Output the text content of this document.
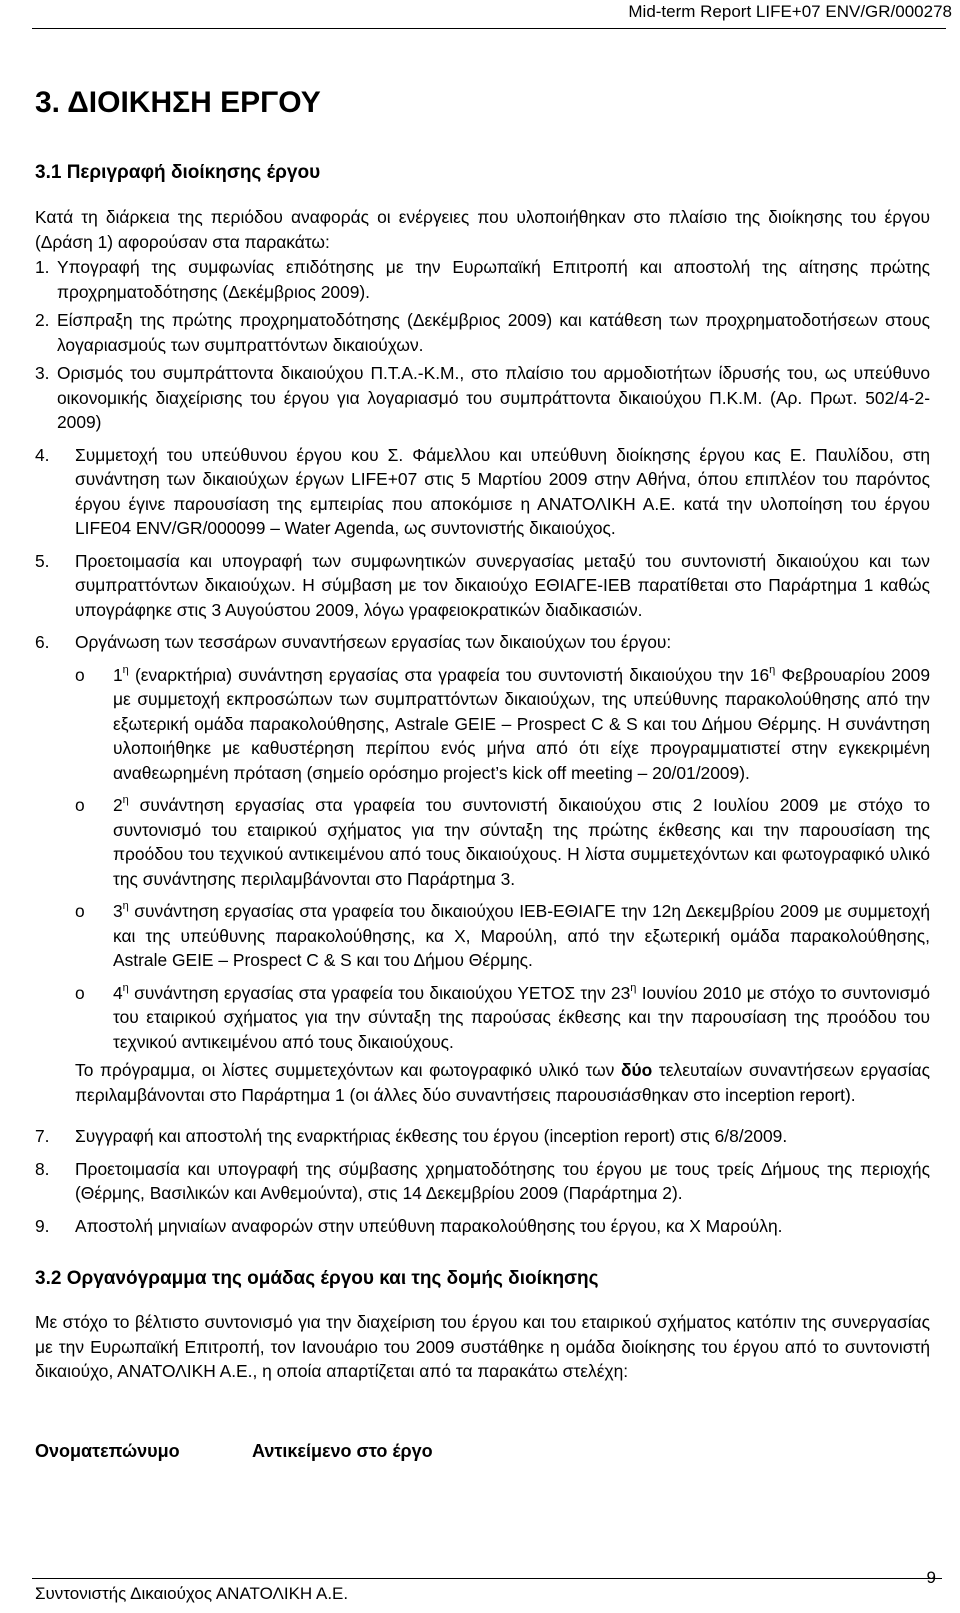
Mid-term Report LIFE+07 ENV/GR/000278
3. ΔΙΟΙΚΗΣΗ ΕΡΓΟΥ
3.1 Περιγραφή διοίκησης έργου

Κατά τη διάρκεια της περιόδου αναφοράς οι ενέργειες που υλοποιήθηκαν στο πλαίσιο της διοίκησης του έργου (Δράση 1) αφορούσαν στα παρακάτω:

1. Υπογραφή της συμφωνίας επιδότησης με την Ευρωπαϊκή Επιτροπή και αποστολή της αίτησης πρώτης προχρηματοδότησης (Δεκέμβριος 2009).
2. Είσπραξη της πρώτης προχρηματοδότησης (Δεκέμβριος 2009) και κατάθεση των προχρηματοδοτήσεων στους λογαριασμούς των συμπραττόντων δικαιούχων.
3. Ορισμός του συμπράττοντα δικαιούχου Π.Τ.Α.-Κ.Μ., στο πλαίσιο του αρμοδιοτήτων ίδρυσής του, ως υπεύθυνο οικονομικής διαχείρισης του έργου για λογαριασμό του συμπράττοντα δικαιούχου Π.Κ.Μ. (Αρ. Πρωτ. 502/4-2-2009)
4. Συμμετοχή του υπεύθυνου έργου κου Σ. Φάμελλου και υπεύθυνη διοίκησης έργου κας Ε. Παυλίδου, στη συνάντηση των δικαιούχων έργων LIFE+07 στις 5 Μαρτίου 2009 στην Αθήνα, όπου επιπλέον του παρόντος έργου έγινε παρουσίαση της εμπειρίας που αποκόμισε η ΑΝΑΤΟΛΙΚΗ Α.Ε. κατά την υλοποίηση του έργου LIFE04 ENV/GR/000099 – Water Agenda, ως συντονιστής δικαιούχος.
5. Προετοιμασία και υπογραφή των συμφωνητικών συνεργασίας μεταξύ του συντονιστή δικαιούχου και των συμπραττόντων δικαιούχων. Η σύμβαση με τον δικαιούχο ΕΘΙΑΓΕ-ΙΕΒ παρατίθεται στο Παράρτημα 1 καθώς υπογράφηκε στις 3 Αυγούστου 2009, λόγω γραφειοκρατικών διαδικασιών.
6. Οργάνωση των τεσσάρων συναντήσεων εργασίας των δικαιούχων του έργου:
o $1^\eta$ (εναρκτήρια) συνάντηση εργασίας στα γραφεία του συντονιστή δικαιούχου την $16^\eta$ Φεβρουαρίου 2009 με συμμετοχή εκπροσώπων των συμπραττόντων δικαιούχων, της υπεύθυνης παρακολούθησης από την εξωτερική ομάδα παρακολούθησης, Astrale GEIE – Prospect C & S και του Δήμου Θέρμης. Η συνάντηση υλοποιήθηκε με καθυστέρηση περίπου ενός μήνα από ότι είχε προγραμματιστεί στην εγκεκριμένη αναθεωρημένη πρόταση (σημείο ορόσημο project’s kick off meeting – 20/01/2009).
o $2^\eta$ συνάντηση εργασίας στα γραφεία του συντονιστή δικαιούχου στις 2 Ιουλίου 2009 με στόχο το συντονισμό του εταιρικού σχήματος για την σύνταξη της πρώτης έκθεσης και την παρουσίαση της προόδου του τεχνικού αντικειμένου από τους δικαιούχους. Η λίστα συμμετεχόντων και φωτογραφικό υλικό της συνάντησης περιλαμβάνονται στο Παράρτημα 3.
o $3^\eta$ συνάντηση εργασίας στα γραφεία του δικαιούχου ΙΕΒ-ΕΘΙΑΓΕ την 12η Δεκεμβρίου 2009 με συμμετοχή και της υπεύθυνης παρακολούθησης, κα Χ, Μαρούλη, από την εξωτερική ομάδα παρακολούθησης, Astrale GEIE – Prospect C & S και του Δήμου Θέρμης.
o $4^\eta$ συνάντηση εργασίας στα γραφεία του δικαιούχου ΥΕΤΟΣ την $23^\eta$ Ιουνίου 2010 με στόχο το συντονισμό του εταιρικού σχήματος για την σύνταξη της παρούσας έκθεσης και την παρουσίαση της προόδου του τεχνικού αντικειμένου από τους δικαιούχους.

Το πρόγραμμα, οι λίστες συμμετεχόντων και φωτογραφικό υλικό των δύο τελευταίων συναντήσεων εργασίας περιλαμβάνονται στο Παράρτημα 1 (οι άλλες δύο συναντήσεις παρουσιάσθηκαν στο inception report).

7. Συγγραφή και αποστολή της εναρκτήριας έκθεσης του έργου (inception report) στις 6/8/2009.
8. Προετοιμασία και υπογραφή της σύμβασης χρηματοδότησης του έργου με τους τρείς Δήμους της περιοχής (Θέρμης, Βασιλικών και Ανθεμούντα), στις 14 Δεκεμβρίου 2009 (Παράρτημα 2).
9. Αποστολή μηνιαίων αναφορών στην υπεύθυνη παρακολούθησης του έργου, κα Χ Μαρούλη.
3.2 Οργανόγραμμα της ομάδας έργου και της δομής διοίκησης

Με στόχο το βέλτιστο συντονισμό για την διαχείριση του έργου και του εταιρικού σχήματος κατόπιν της συνεργασίας με την Ευρωπαϊκή Επιτροπή, τον Ιανουάριο του 2009 συστάθηκε η ομάδα διοίκησης του έργου από το συντονιστή δικαιούχο, ΑΝΑΤΟΛΙΚΗ Α.Ε., η οποία απαρτίζεται από τα παρακάτω στελέχη:

Ονοματεπώνυμο	Αντικείμενο στο έργο
Συντονιστής Δικαιούχος ΑΝΑΤΟΛΙΚΗ Α.Ε.
9
